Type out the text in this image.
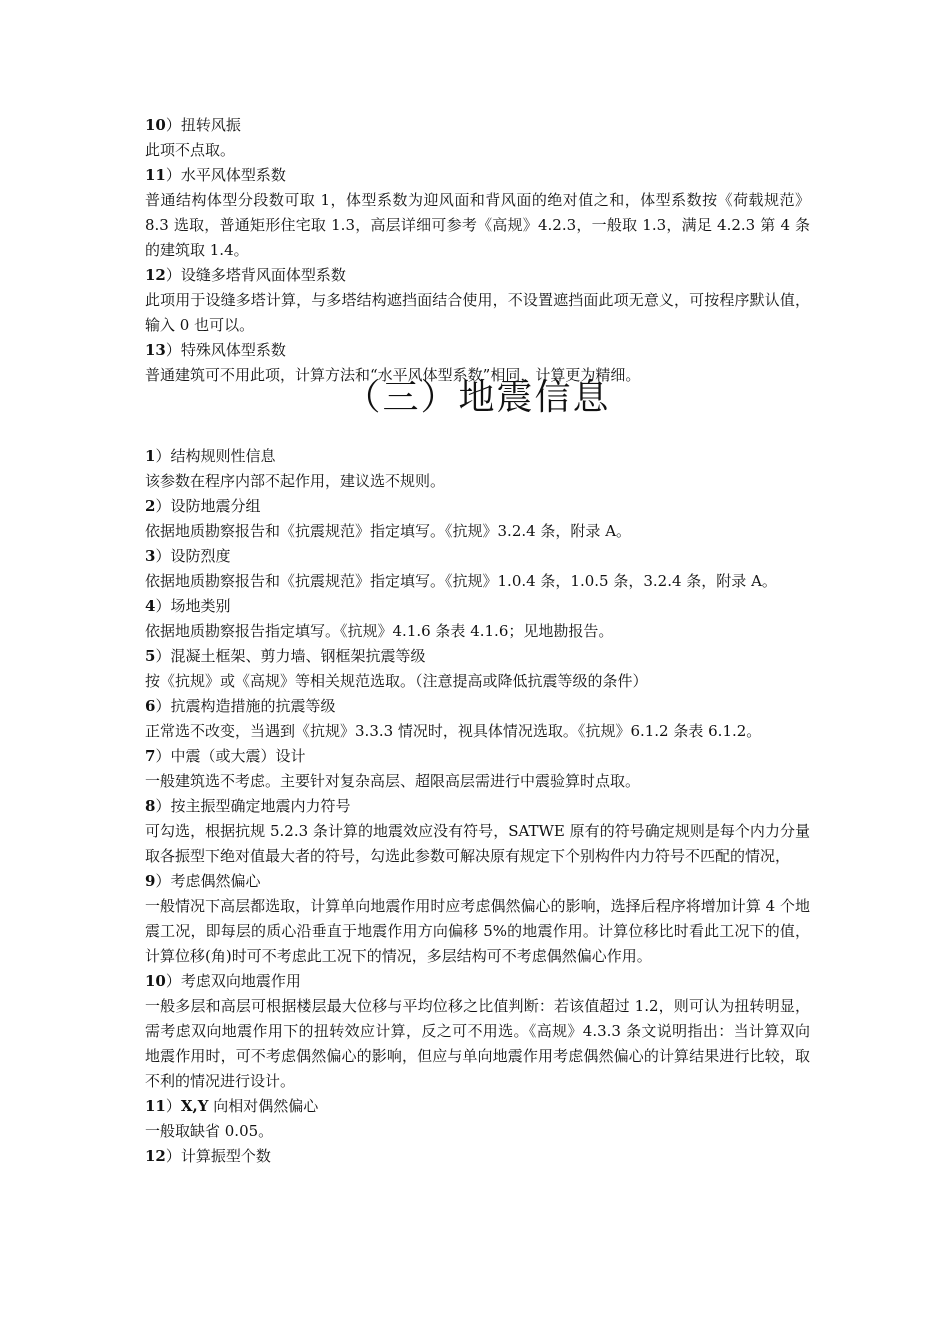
10）扭转风振
此项不点取。
11）水平风体型系数
普通结构体型分段数可取 1，体型系数为迎风面和背风面的绝对值之和，体型系数按《荷载规范》8.3 选取，普通矩形住宅取 1.3，高层详细可参考《高规》4.2.3，一般取 1.3，满足 4.2.3 第 4 条的建筑取 1.4。
12）设缝多塔背风面体型系数
此项用于设缝多塔计算，与多塔结构遮挡面结合使用，不设置遮挡面此项无意义，可按程序默认值，输入 0 也可以。
13）特殊风体型系数
普通建筑可不用此项，计算方法和“水平风体型系数”相同，计算更为精细。
（三）地震信息
1）结构规则性信息
该参数在程序内部不起作用，建议选不规则。
2）设防地震分组
依据地质勘察报告和《抗震规范》指定填写。《抗规》3.2.4 条，附录 A。
3）设防烈度
依据地质勘察报告和《抗震规范》指定填写。《抗规》1.0.4 条，1.0.5 条，3.2.4 条，附录 A。
4）场地类别
依据地质勘察报告指定填写。《抗规》4.1.6 条表 4.1.6；见地勘报告。
5）混凝土框架、剪力墙、钢框架抗震等级
按《抗规》或《高规》等相关规范选取。（注意提高或降低抗震等级的条件）
6）抗震构造措施的抗震等级
正常选不改变，当遇到《抗规》3.3.3 情况时，视具体情况选取。《抗规》6.1.2 条表 6.1.2。
7）中震（或大震）设计
一般建筑选不考虑。主要针对复杂高层、超限高层需进行中震验算时点取。
8）按主振型确定地震内力符号
可勾选，根据抗规 5.2.3 条计算的地震效应没有符号，SATWE 原有的符号确定规则是每个内力分量取各振型下绝对值最大者的符号，勾选此参数可解决原有规定下个别构件内力符号不匹配的情况，
9）考虑偶然偏心
一般情况下高层都选取，计算单向地震作用时应考虑偶然偏心的影响，选择后程序将增加计算 4 个地震工况，即每层的质心沿垂直于地震作用方向偏移 5%的地震作用。计算位移比时看此工况下的值，计算位移(角)时可不考虑此工况下的情况，多层结构可不考虑偶然偏心作用。
10）考虑双向地震作用
一般多层和高层可根据楼层最大位移与平均位移之比值判断：若该值超过 1.2，则可认为扭转明显，需考虑双向地震作用下的扭转效应计算，反之可不用选。《高规》4.3.3 条文说明指出：当计算双向地震作用时，可不考虑偶然偏心的影响，但应与单向地震作用考虑偶然偏心的计算结果进行比较，取不利的情况进行设计。
11）X,Y 向相对偶然偏心
一般取缺省 0.05。
12）计算振型个数
